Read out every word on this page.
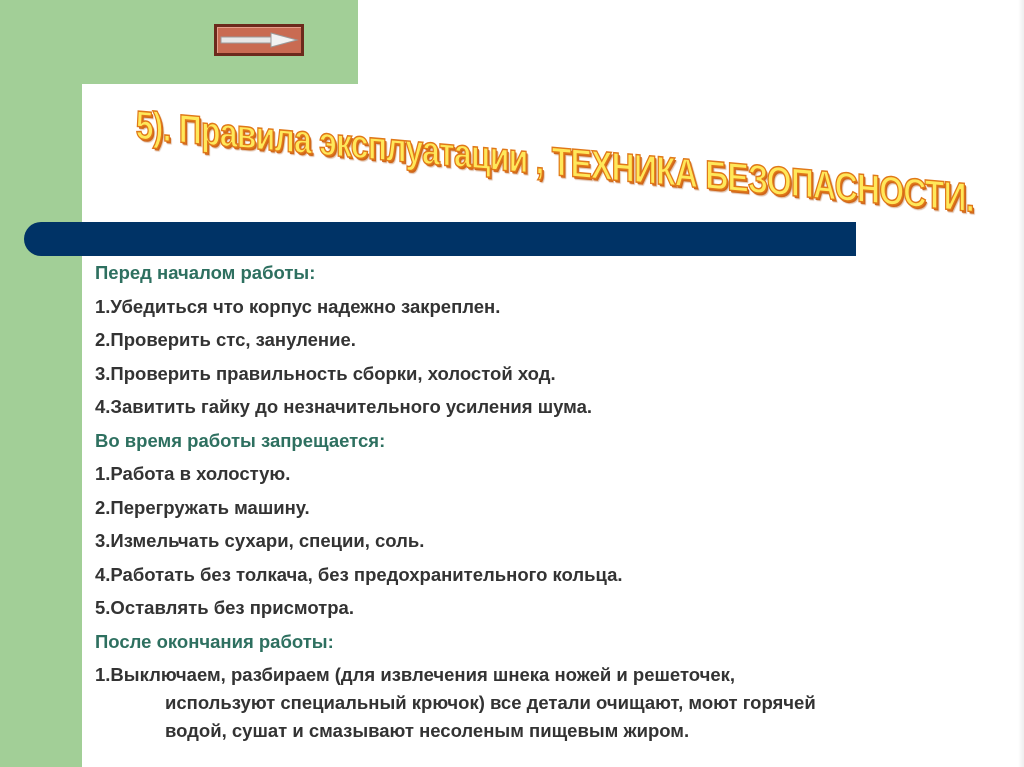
5). Правила эксплуатации , ТЕХНИКА БЕЗОПАСНОСТИ.
Перед началом работы:
1.Убедиться что корпус надежно закреплен.
2.Проверить стс, зануление.
3.Проверить правильность сборки, холостой ход.
4.Завитить гайку до незначительного усиления шума.
Во время работы запрещается:
1.Работа в холостую.
2.Перегружать машину.
3.Измельчать сухари, специи, соль.
4.Работать без толкача, без предохранительного кольца.
5.Оставлять без присмотра.
После окончания работы:
1.Выключаем, разбираем (для извлечения шнека ножей и решеточек,
используют специальный крючок) все детали очищают, моют горячей
водой, сушат и смазывают несоленым пищевым жиром.
